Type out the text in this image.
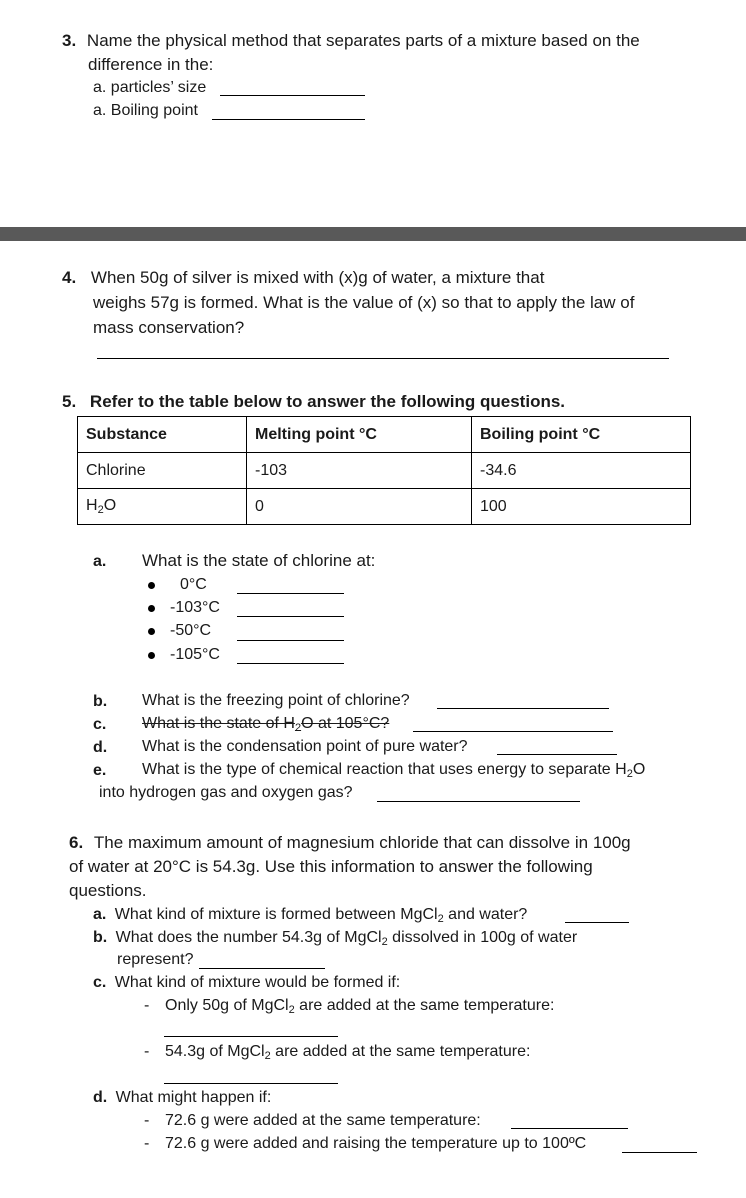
3. Name the physical method that separates parts of a mixture based on the
difference in the:
a. particles’ size
a. Boiling point
4. When 50g of silver is mixed with (x)g of water, a mixture that
weighs 57g is formed. What is the value of (x) so that to apply the law of
mass conservation?
5. Refer to the table below to answer the following questions.
Substance	Melting point °C	Boiling point °C
Chlorine	-103	-34.6
$H_2O$	0	100
a. What is the state of chlorine at:
0°C
-103°C
-50°C
-105°C
b. What is the freezing point of chlorine?
c. What is the state of $H_2O$ at 105°C?
d. What is the condensation point of pure water?
e. What is the type of chemical reaction that uses energy to separate $H_2O$
into hydrogen gas and oxygen gas?
6. The maximum amount of magnesium chloride that can dissolve in 100g
of water at 20°C is 54.3g. Use this information to answer the following
questions.
a. What kind of mixture is formed between MgCl$_2$ and water?
b. What does the number 54.3g of MgCl$_2$ dissolved in 100g of water
represent?
c. What kind of mixture would be formed if:
- Only 50g of MgCl$_2$ are added at the same temperature:
- 54.3g of MgCl$_2$ are added at the same temperature:
d. What might happen if:
- 72.6 g were added at the same temperature:
- 72.6 g were added and raising the temperature up to 100ºC
